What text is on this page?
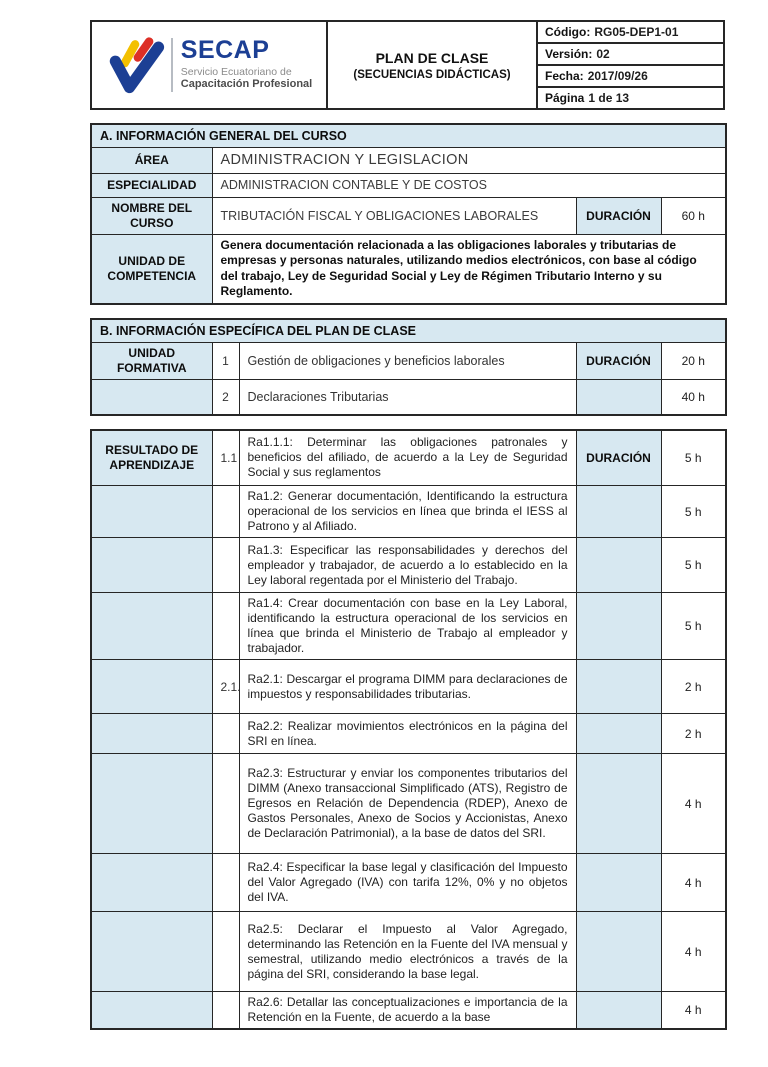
SECAP
Servicio Ecuatoriano de
Capacitación Profesional
PLAN DE CLASE
(SECUENCIAS DIDÁCTICAS)
Código: RG05-DEP1-01
Versión: 02
Fecha: 2017/09/26
Página 1 de 13
A. INFORMACIÓN GENERAL DEL CURSO			
ÁREA	ADMINISTRACION Y LEGISLACION		
ESPECIALIDAD	ADMINISTRACION CONTABLE Y DE COSTOS		
NOMBRE DEL CURSO	TRIBUTACIÓN FISCAL Y OBLIGACIONES LABORALES	DURACIÓN	60 h
UNIDAD DE COMPETENCIA	Genera documentación relacionada a las obligaciones laborales y tributarias de empresas y personas naturales, utilizando medios electrónicos, con base al código del trabajo, Ley de Seguridad Social y Ley de Régimen Tributario Interno y su Reglamento.		
B. INFORMACIÓN ESPECÍFICA DEL PLAN DE CLASE				
UNIDAD FORMATIVA	1	Gestión de obligaciones y beneficios laborales	DURACIÓN	20 h
	2	Declaraciones Tributarias		40 h
RESULTADO DE APRENDIZAJE	1.1	Ra1.1.1: Determinar las obligaciones patronales y beneficios del afiliado, de acuerdo a la Ley de Seguridad Social y sus reglamentos	DURACIÓN	5 h
		Ra1.2: Generar documentación, Identificando la estructura operacional de los servicios en línea que brinda el IESS al Patrono y al Afiliado.		5 h
		Ra1.3: Especificar las responsabilidades y derechos del empleador y trabajador, de acuerdo a lo establecido en la Ley laboral regentada por el Ministerio del Trabajo.		5 h
		Ra1.4: Crear documentación con base en la Ley Laboral, identificando la estructura operacional de los servicios en línea que brinda el Ministerio de Trabajo al empleador y trabajador.		5 h
	2.1.	Ra2.1: Descargar el programa DIMM para declaraciones de impuestos y responsabilidades tributarias.		2 h
		Ra2.2: Realizar movimientos electrónicos en la página del SRI en línea.		2 h
		Ra2.3: Estructurar y enviar los componentes tributarios del DIMM (Anexo transaccional Simplificado (ATS), Registro de Egresos en Relación de Dependencia (RDEP), Anexo de Gastos Personales, Anexo de Socios y Accionistas, Anexo de Declaración Patrimonial), a la base de datos del SRI.		4 h
		Ra2.4: Especificar la base legal y clasificación del Impuesto del Valor Agregado (IVA) con tarifa 12%, 0% y no objetos del IVA.		4 h
		Ra2.5: Declarar el Impuesto al Valor Agregado, determinando las Retención en la Fuente del IVA mensual y semestral, utilizando medio electrónicos a través de la página del SRI, considerando la base legal.		4 h
		Ra2.6: Detallar las conceptualizaciones e importancia de la Retención en la Fuente, de acuerdo a la base		4 h
